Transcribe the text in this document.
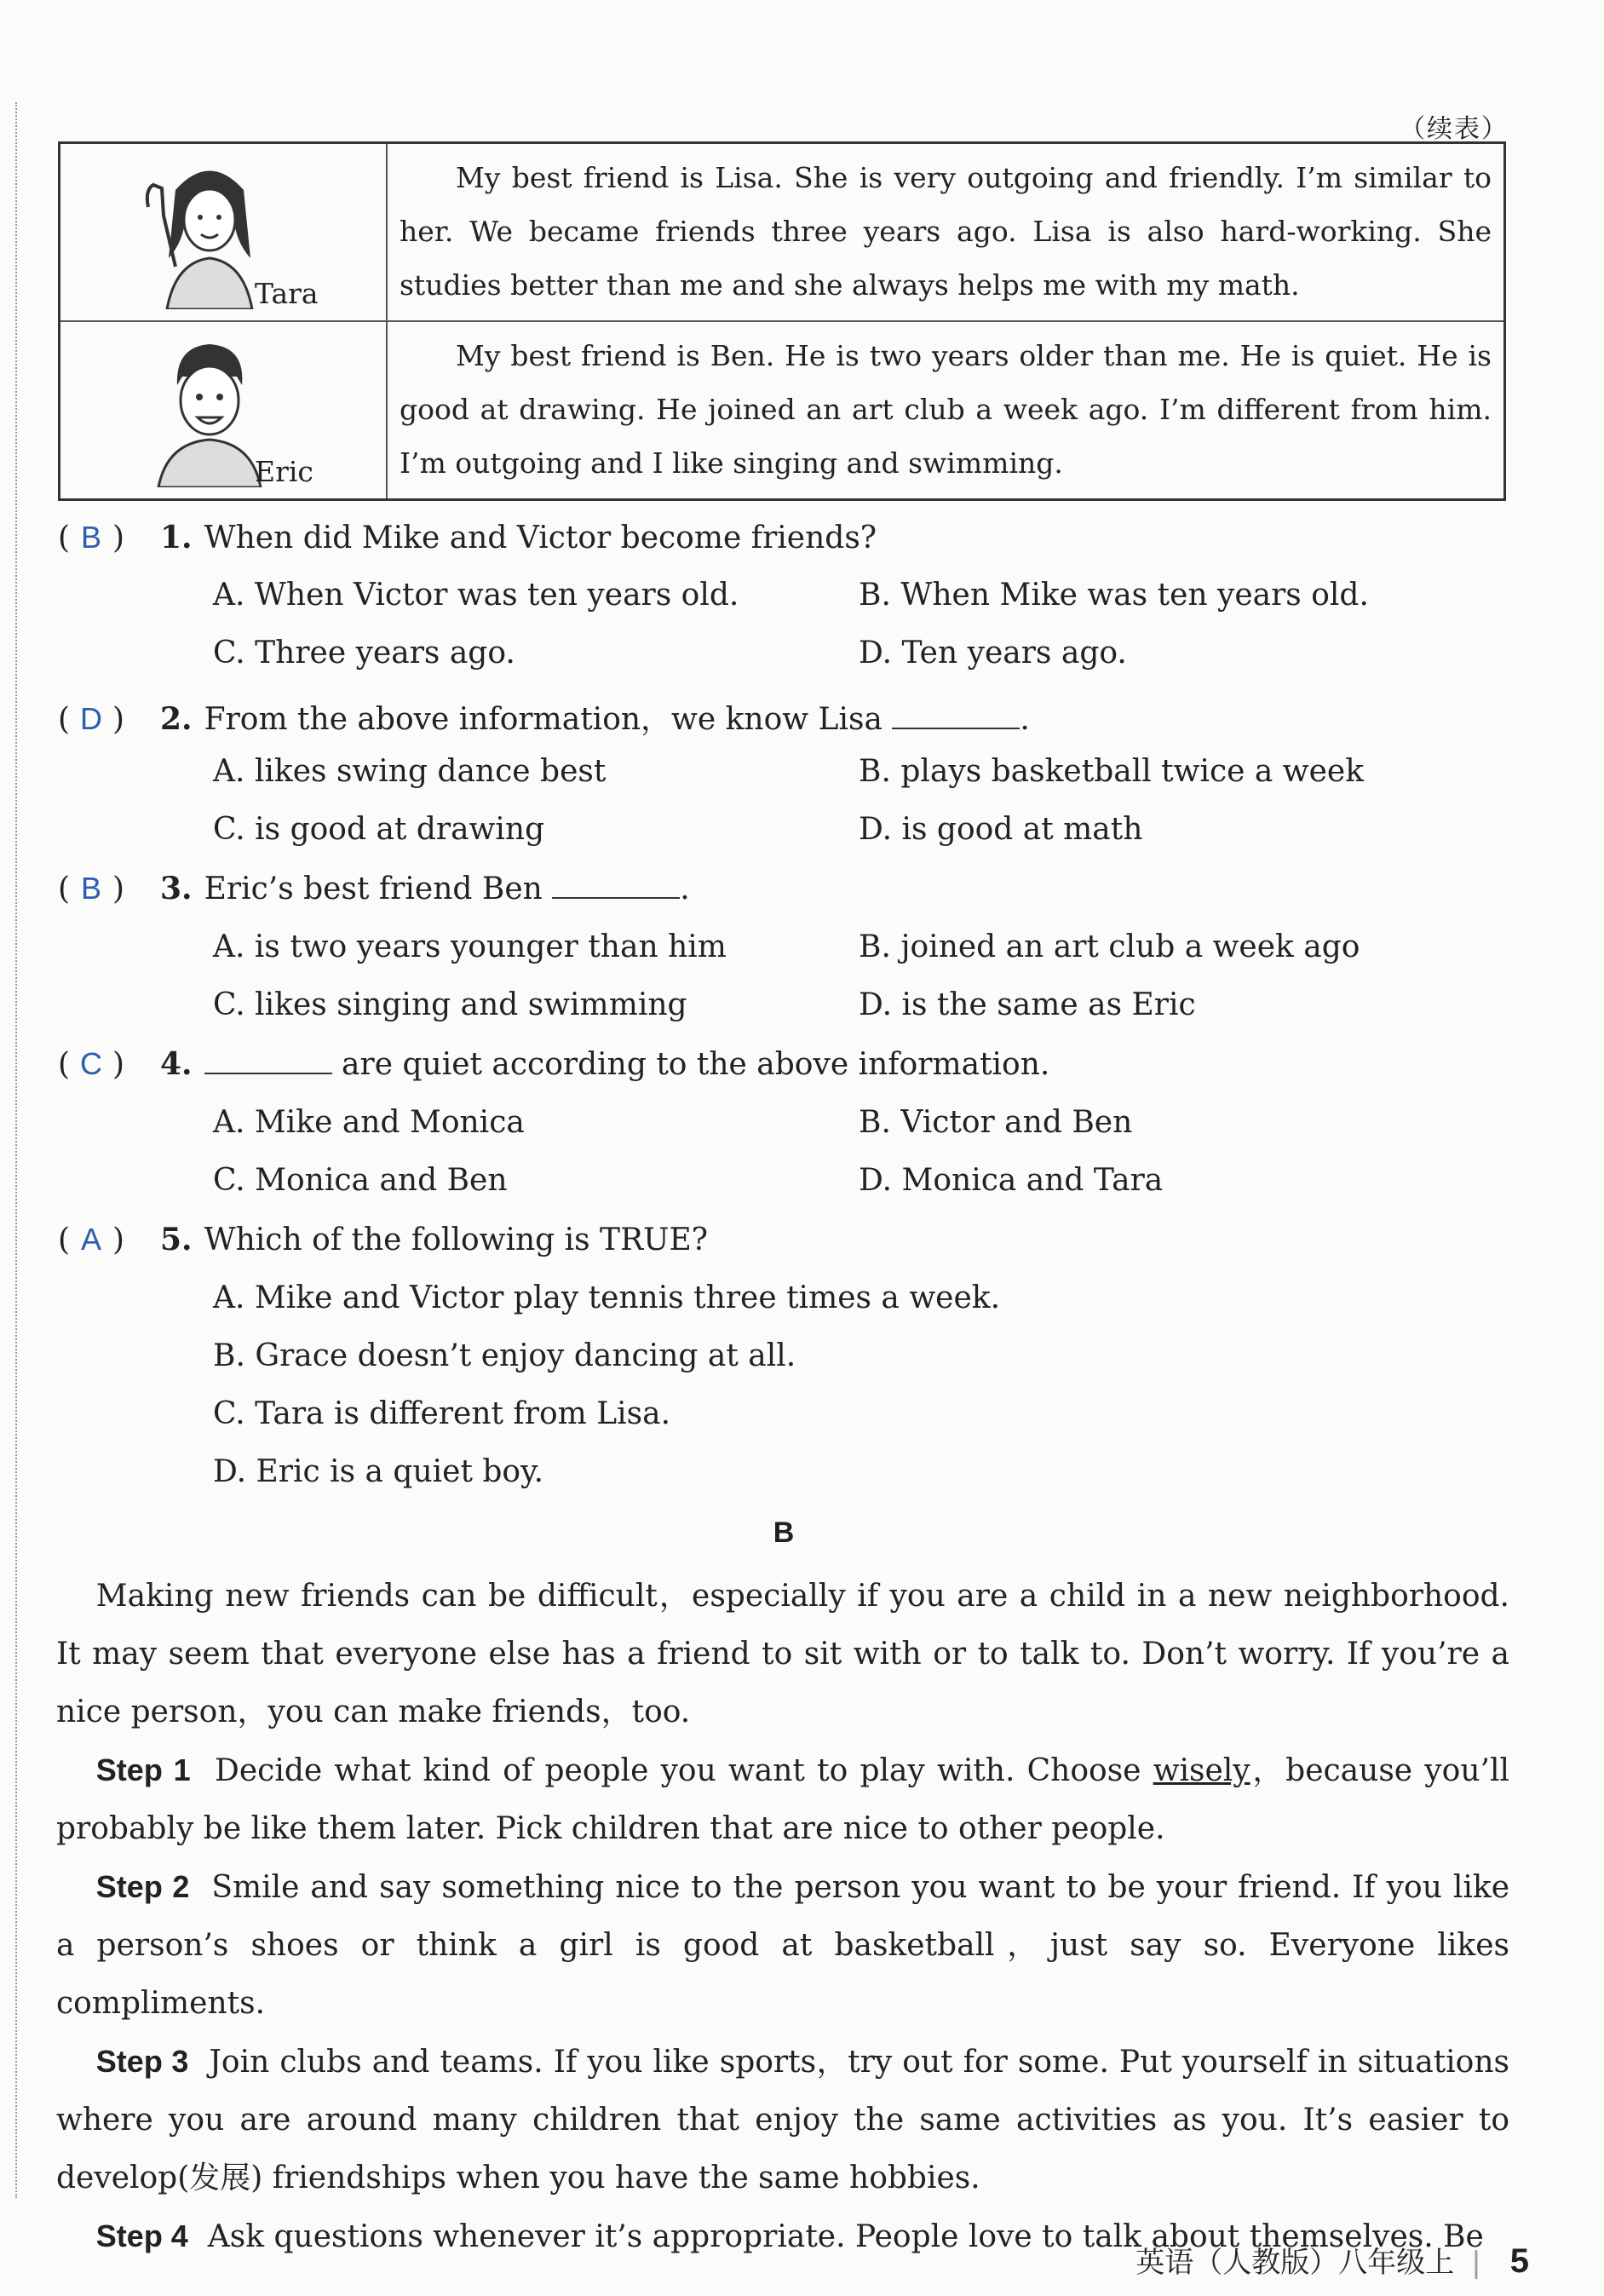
（续表）
Tara	My best friend is Lisa. She is very outgoing and friendly. I’m similar to her. We became friends three years ago. Lisa is also hard-working. She studies better than me and she always helps me with my math.

Eric	My best friend is Ben. He is two years older than me. He is quiet. He is good at drawing. He joined an art club a week ago. I’m different from him. I’m outgoing and I like singing and swimming.

( B ) 1. When did Mike and Victor become friends?
A. When Victor was ten years old.	B. When Mike was ten years old.
C. Three years ago.	D. Ten years ago.
( D ) 2. From the above information，we know Lisa	.
A. likes swing dance best	B. plays basketball twice a week
C. is good at drawing	D. is good at math
( B ) 3. Eric’s best friend Ben	.
A. is two years younger than him	B. joined an art club a week ago
C. likes singing and swimming	D. is the same as Eric
( C ) 4.	are quiet according to the above information.
A. Mike and Monica	B. Victor and Ben
C. Monica and Ben	D. Monica and Tara
( A ) 5. Which of the following is TRUE?
A. Mike and Victor play tennis three times a week.
B. Grace doesn’t enjoy dancing at all.
C. Tara is different from Lisa.
D. Eric is a quiet boy.
B

Making new friends can be difficult，especially if you are a child in a new neighborhood. It may seem that everyone else has a friend to sit with or to talk to. Don’t worry. If you’re a nice person，you can make friends，too.

Step 1 Decide what kind of people you want to play with. Choose wisely，because you’ll probably be like them later. Pick children that are nice to other people.

Step 2 Smile and say something nice to the person you want to be your friend. If you like a person’s shoes or think a girl is good at basketball，just say so. Everyone likes compliments.

Step 3 Join clubs and teams. If you like sports，try out for some. Put yourself in situations where you are around many children that enjoy the same activities as you. It’s easier to develop(发展) friendships when you have the same hobbies.

Step 4 Ask questions whenever it’s appropriate. People love to talk about themselves. Be

英语（人教版）八年级上 | 5
